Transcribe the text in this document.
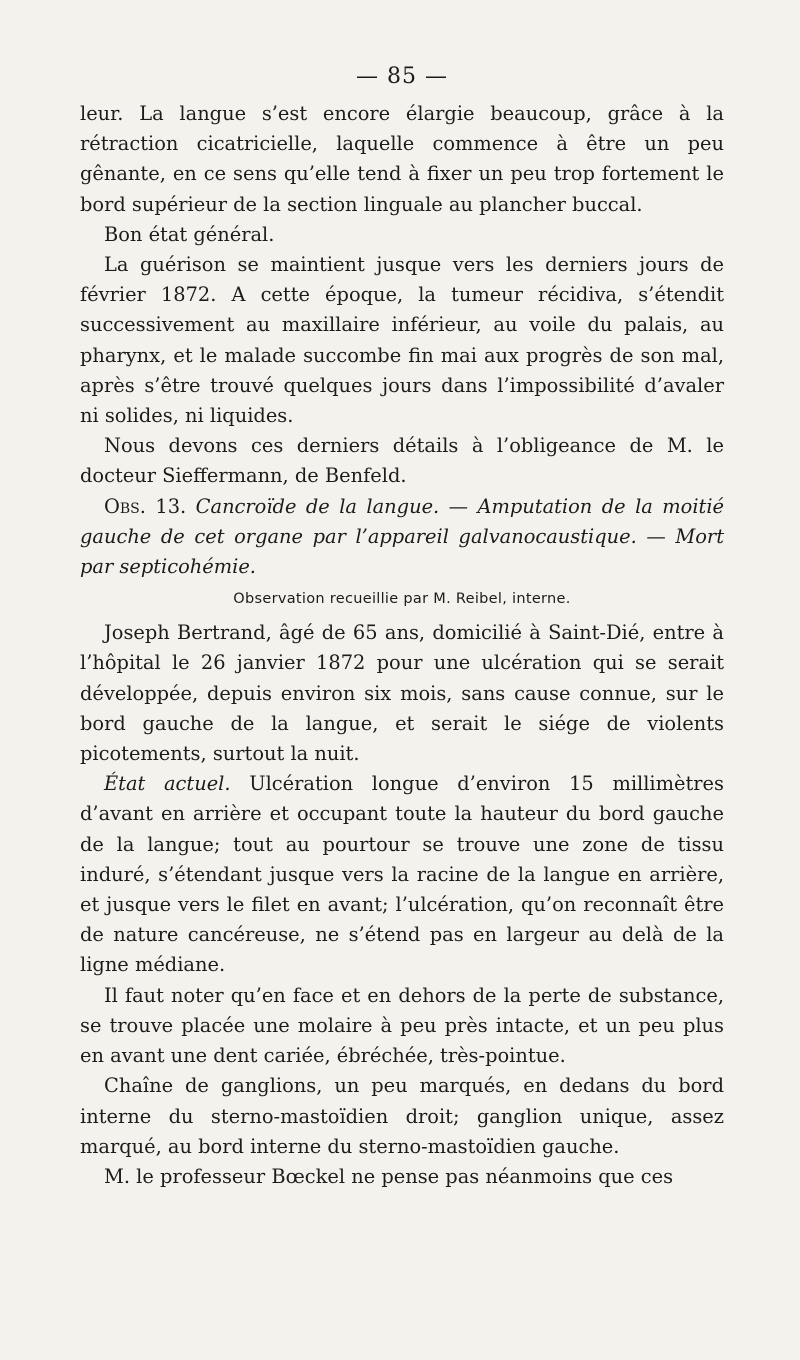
— 85 —

leur. La langue s’est encore élargie beaucoup, grâce à la rétraction cicatricielle, laquelle commence à être un peu gênante, en ce sens qu’elle tend à fixer un peu trop fortement le bord supérieur de la section linguale au plancher buccal.

Bon état général.

La guérison se maintient jusque vers les derniers jours de février 1872. A cette époque, la tumeur récidiva, s’étendit successivement au maxillaire inférieur, au voile du palais, au pharynx, et le malade succombe fin mai aux progrès de son mal, après s’être trouvé quelques jours dans l’impossibilité d’avaler ni solides, ni liquides.

Nous devons ces derniers détails à l’obligeance de M. le docteur Sieffermann, de Benfeld.

Obs. 13. Cancroïde de la langue. — Amputation de la moitié gauche de cet organe par l’appareil galvanocaustique. — Mort par septicohémie.

Observation recueillie par M. Reibel, interne.

Joseph Bertrand, âgé de 65 ans, domicilié à Saint-Dié, entre à l’hôpital le 26 janvier 1872 pour une ulcération qui se serait développée, depuis environ six mois, sans cause connue, sur le bord gauche de la langue, et serait le siége de violents picotements, surtout la nuit.

État actuel. Ulcération longue d’environ 15 millimètres d’avant en arrière et occupant toute la hauteur du bord gauche de la langue; tout au pourtour se trouve une zone de tissu induré, s’étendant jusque vers la racine de la langue en arrière, et jusque vers le filet en avant; l’ulcération, qu’on reconnaît être de nature cancéreuse, ne s’étend pas en largeur au delà de la ligne médiane.

Il faut noter qu’en face et en dehors de la perte de substance, se trouve placée une molaire à peu près intacte, et un peu plus en avant une dent cariée, ébréchée, très-pointue.

Chaîne de ganglions, un peu marqués, en dedans du bord interne du sterno-mastoïdien droit; ganglion unique, assez marqué, au bord interne du sterno-mastoïdien gauche.

M. le professeur Bœckel ne pense pas néanmoins que ces
